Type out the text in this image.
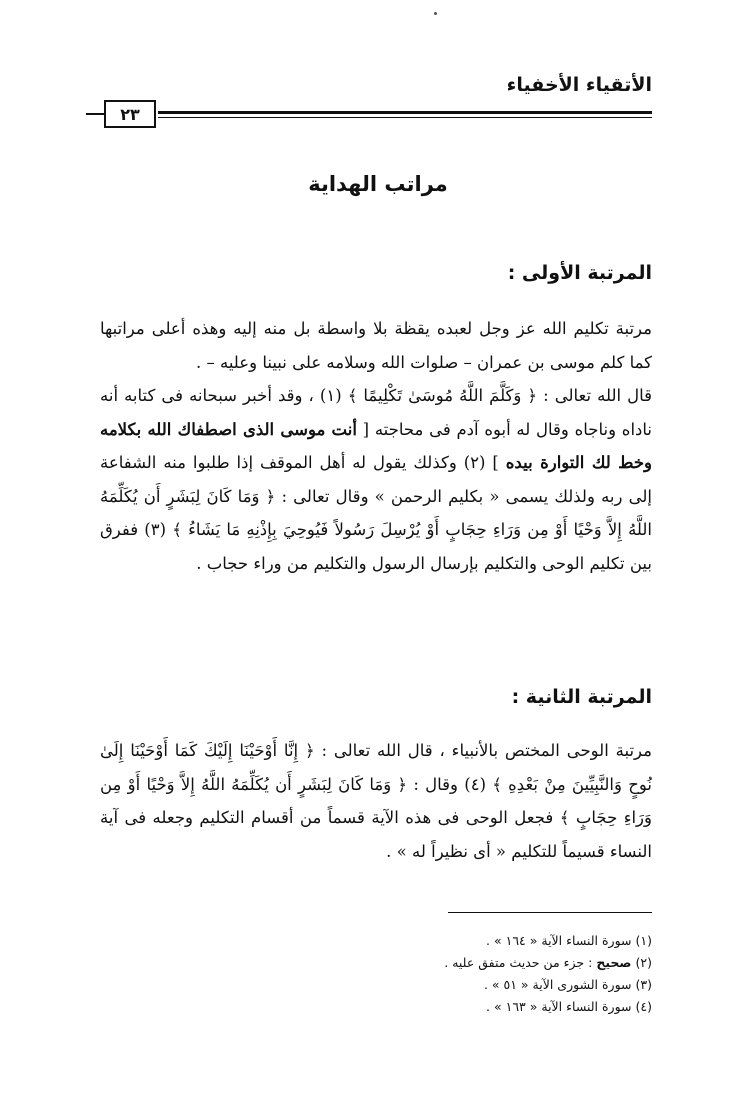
الأتقياء الأخفياء
٢٣
مراتب الهداية
المرتبة الأولى :

مرتبة تكليم الله عز وجل لعبده يقظة بلا واسطة بل منه إليه وهذه أعلى مراتبها كما كلم موسى بن عمران – صلوات الله وسلامه على نبينا وعليه – .

قال الله تعالى : ﴿ وَكَلَّمَ اللَّهُ مُوسَىٰ تَكْلِيمًا ﴾ (١) ، وقد أخبر سبحانه فى كتابه أنه ناداه وناجاه وقال له أبوه آدم فى محاجته [ أنت موسى الذى اصطفاك الله بكلامه وخط لك التوارة بيده ] (٢) وكذلك يقول له أهل الموقف إذا طلبوا منه الشفاعة إلى ربه ولذلك يسمى « بكليم الرحمن » وقال تعالى : ﴿ وَمَا كَانَ لِبَشَرٍ أَن يُكَلِّمَهُ اللَّهُ إِلاَّ وَحْيًا أَوْ مِن وَرَاءِ حِجَابٍ أَوْ يُرْسِلَ رَسُولاً فَيُوحِيَ بِإِذْنِهِ مَا يَشَاءُ ﴾ (٣) ففرق بين تكليم الوحى والتكليم بإرسال الرسول والتكليم من وراء حجاب .

المرتبة الثانية :

مرتبة الوحى المختص بالأنبياء ، قال الله تعالى : ﴿ إِنَّا أَوْحَيْنَا إِلَيْكَ كَمَا أَوْحَيْنَا إِلَىٰ نُوحٍ وَالنَّبِيِّينَ مِنْ بَعْدِهِ ﴾ (٤) وقال : ﴿ وَمَا كَانَ لِبَشَرٍ أَن يُكَلِّمَهُ اللَّهُ إِلاَّ وَحْيًا أَوْ مِن وَرَاءِ حِجَابٍ ﴾ فجعل الوحى فى هذه الآية قسماً من أقسام التكليم وجعله فى آية النساء قسيماً للتكليم « أى نظيراً له » .

(١) سورة النساء الآية « ١٦٤ » .

(٢) صحيح : جزء من حديث متفق عليه .

(٣) سورة الشورى الآية « ٥١ » .

(٤) سورة النساء الآية « ١٦٣ » .
